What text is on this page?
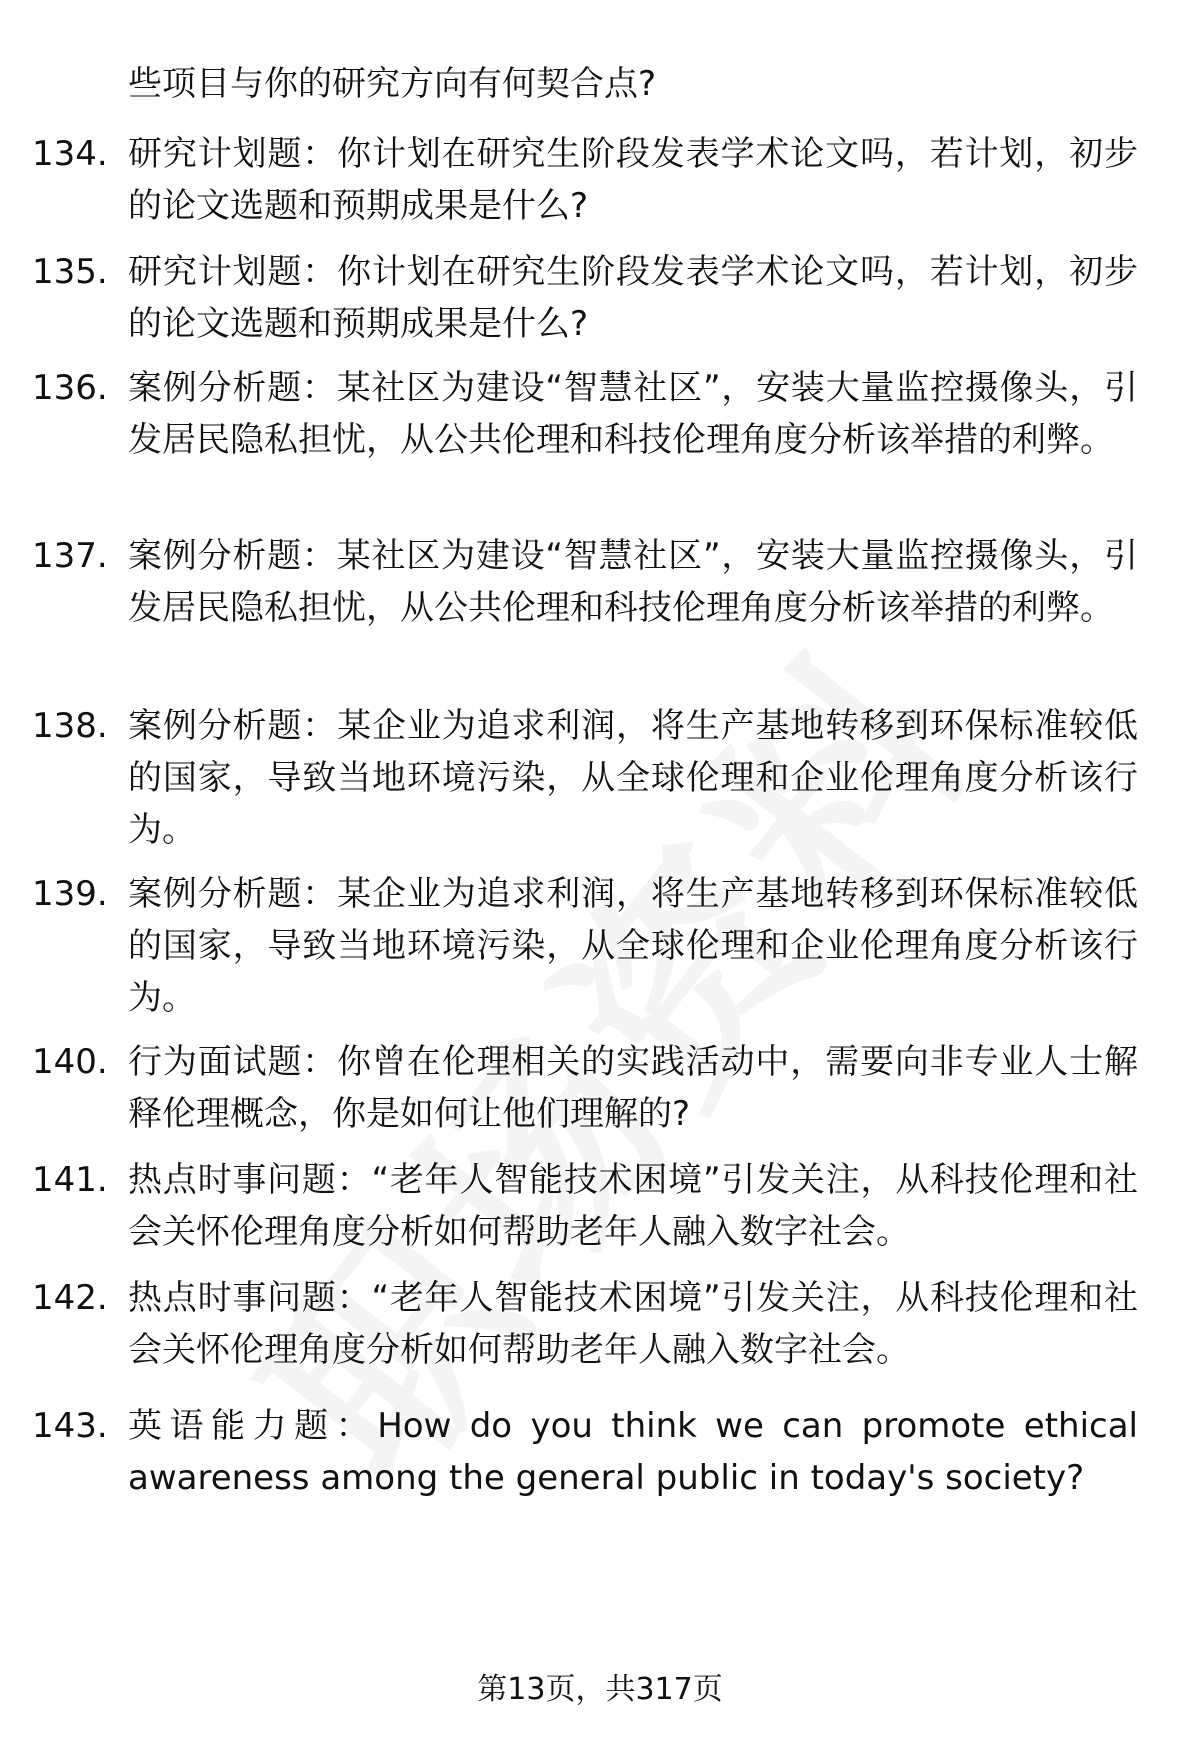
些项目与你的研究方向有何契合点?
134. 研究计划题：你计划在研究生阶段发表学术论文吗，若计划，初步的论文选题和预期成果是什么?
135. 研究计划题：你计划在研究生阶段发表学术论文吗，若计划，初步的论文选题和预期成果是什么?
136. 案例分析题：某社区为建设“智慧社区”，安装大量监控摄像头，引发居民隐私担忧，从公共伦理和科技伦理角度分析该举措的利弊。
137. 案例分析题：某社区为建设“智慧社区”，安装大量监控摄像头，引发居民隐私担忧，从公共伦理和科技伦理角度分析该举措的利弊。
138. 案例分析题：某企业为追求利润，将生产基地转移到环保标准较低的国家，导致当地环境污染，从全球伦理和企业伦理角度分析该行为。
139. 案例分析题：某企业为追求利润，将生产基地转移到环保标准较低的国家，导致当地环境污染，从全球伦理和企业伦理角度分析该行为。
140. 行为面试题：你曾在伦理相关的实践活动中，需要向非专业人士解释伦理概念，你是如何让他们理解的?
141. 热点时事问题：“老年人智能技术困境”引发关注，从科技伦理和社会关怀伦理角度分析如何帮助老年人融入数字社会。
142. 热点时事问题：“老年人智能技术困境”引发关注，从科技伦理和社会关怀伦理角度分析如何帮助老年人融入数字社会。
143. 英语能力题：How do you think we can promote ethical awareness among the general public in today's society?
第13页，共317页
